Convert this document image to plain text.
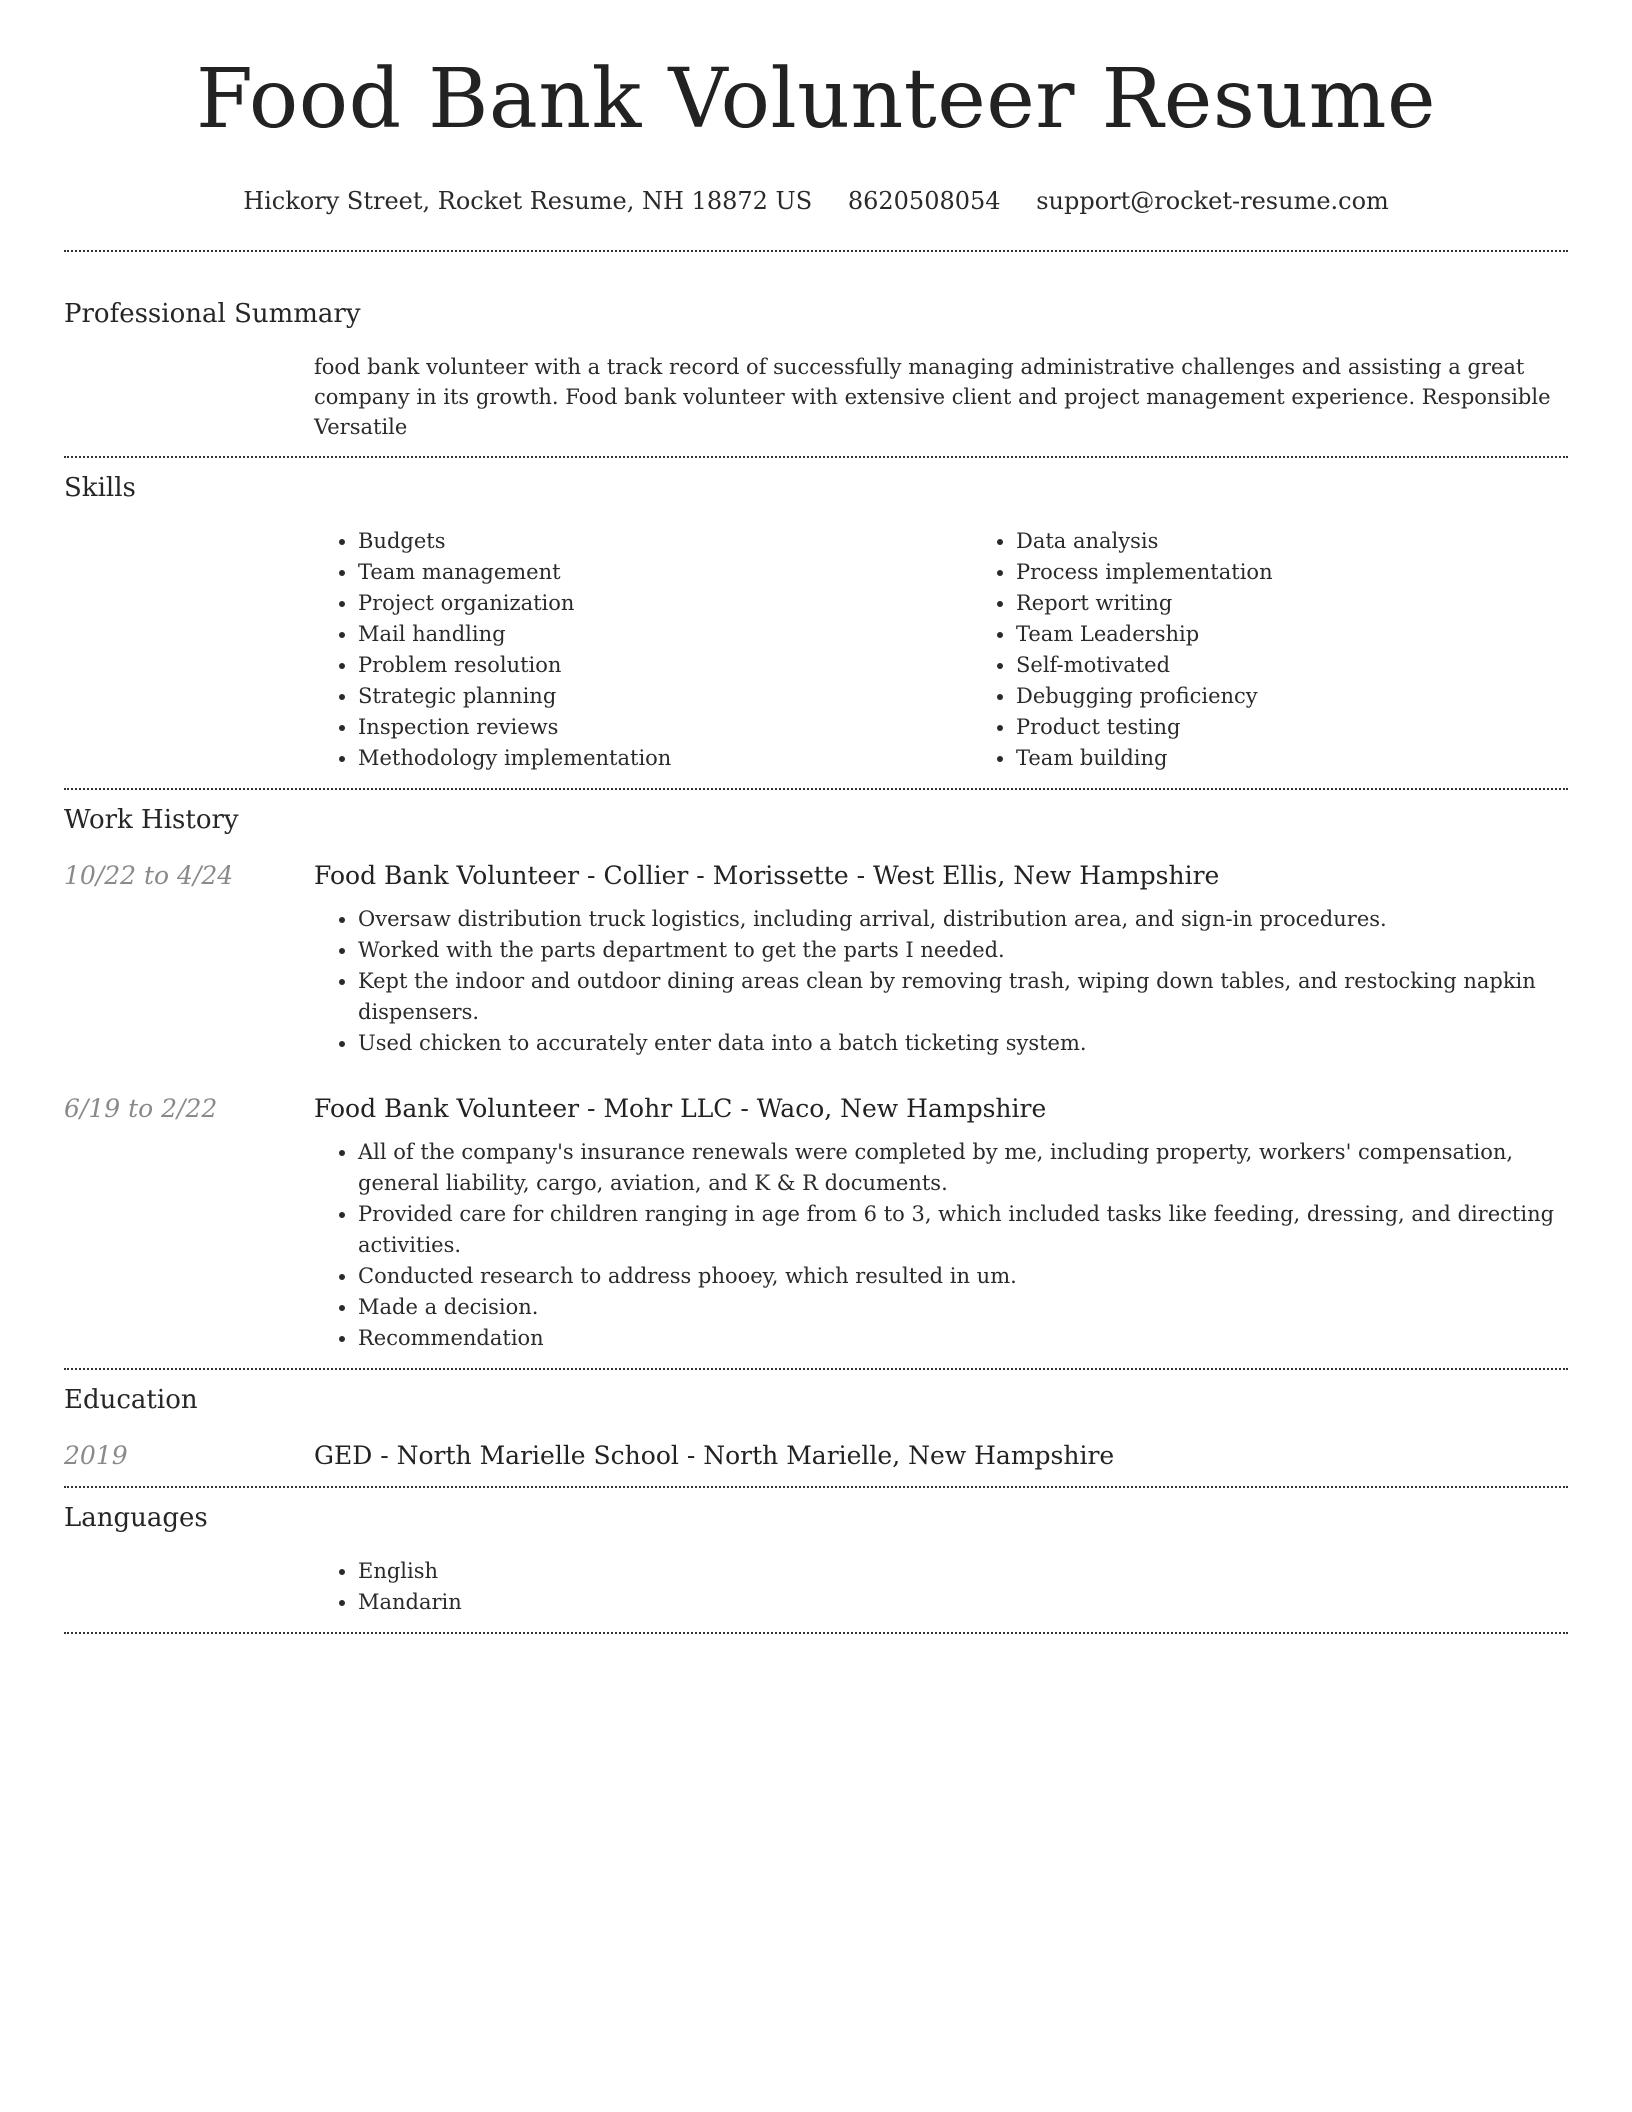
Food Bank Volunteer Resume
Hickory Street, Rocket Resume, NH 18872 US 8620508054 support@rocket-resume.com
Professional Summary
food bank volunteer with a track record of successfully managing administrative challenges and assisting a great company in its growth. Food bank volunteer with extensive client and project management experience. Responsible Versatile
Skills
• Budgets
• Team management
• Project organization
• Mail handling
• Problem resolution
• Strategic planning
• Inspection reviews
• Methodology implementation
• Data analysis
• Process implementation
• Report writing
• Team Leadership
• Self-motivated
• Debugging proficiency
• Product testing
• Team building
Work History
10/22 to 4/24	Food Bank Volunteer - Collier - Morissette - West Ellis, New Hampshire
• Oversaw distribution truck logistics, including arrival, distribution area, and sign-in procedures.
• Worked with the parts department to get the parts I needed.
• Kept the indoor and outdoor dining areas clean by removing trash, wiping down tables, and restocking napkin dispensers.
• Used chicken to accurately enter data into a batch ticketing system.
6/19 to 2/22	Food Bank Volunteer - Mohr LLC - Waco, New Hampshire
• All of the company's insurance renewals were completed by me, including property, workers' compensation, general liability, cargo, aviation, and K & R documents.
• Provided care for children ranging in age from 6 to 3, which included tasks like feeding, dressing, and directing activities.
• Conducted research to address phooey, which resulted in um.
• Made a decision.
• Recommendation
Education
2019	GED - North Marielle School - North Marielle, New Hampshire
Languages
• English
• Mandarin
